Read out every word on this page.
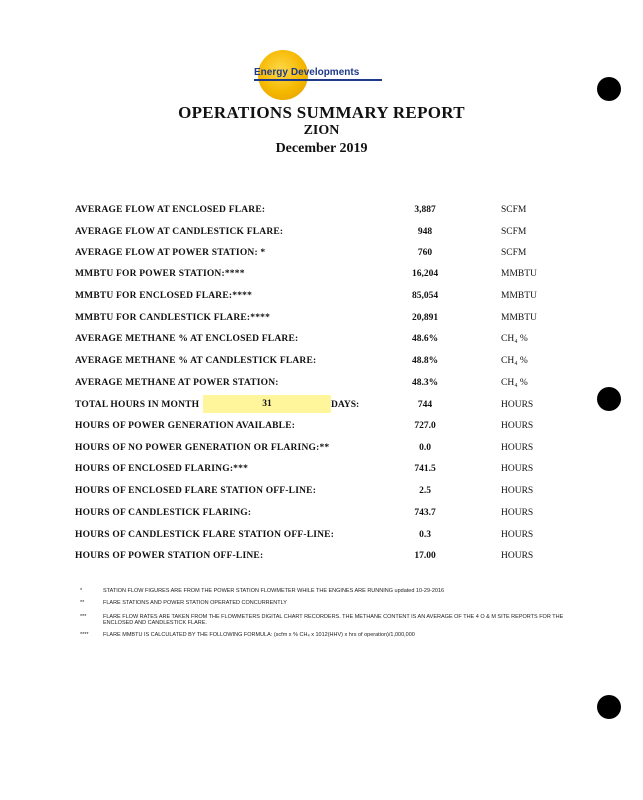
Energy Developments
OPERATIONS SUMMARY REPORT
ZION
December 2019
AVERAGE FLOW AT ENCLOSED FLARE:	3,887	SCFM
AVERAGE FLOW AT CANDLESTICK FLARE:	948	SCFM
AVERAGE FLOW AT POWER STATION: *	760	SCFM
MMBTU FOR POWER STATION:****	16,204	MMBTU
MMBTU FOR ENCLOSED FLARE:****	85,054	MMBTU
MMBTU FOR CANDLESTICK FLARE:****	20,891	MMBTU
AVERAGE METHANE % AT ENCLOSED FLARE:	48.6%	CH₄ %
AVERAGE METHANE % AT CANDLESTICK FLARE:	48.8%	CH₄ %
AVERAGE METHANE AT POWER STATION:	48.3%	CH₄ %
TOTAL HOURS IN MONTH	31	DAYS:	744	HOURS
HOURS OF POWER GENERATION AVAILABLE:	727.0	HOURS
HOURS OF NO POWER GENERATION OR FLARING:**	0.0	HOURS
HOURS OF ENCLOSED FLARING:***	741.5	HOURS
HOURS OF ENCLOSED FLARE STATION OFF-LINE:	2.5	HOURS
HOURS OF CANDLESTICK FLARING:	743.7	HOURS
HOURS OF CANDLESTICK FLARE STATION OFF-LINE:	0.3	HOURS
HOURS OF POWER STATION OFF-LINE:	17.00	HOURS
*	STATION FLOW FIGURES ARE FROM THE POWER STATION FLOWMETER WHILE THE ENGINES ARE RUNNING updated 10-29-2016
**	FLARE STATIONS AND POWER STATION OPERATED CONCURRENTLY
***	FLARE FLOW RATES ARE TAKEN FROM THE FLOWMETERS DIGITAL CHART RECORDERS. THE METHANE CONTENT IS AN AVERAGE OF THE 4 O & M SITE REPORTS FOR THE ENCLOSED AND CANDLESTICK FLARE.
****	FLARE MMBTU IS CALCULATED BY THE FOLLOWING FORMULA: (scfm x % CH₄ x 1012(HHV) x hrs of operation)/1,000,000
